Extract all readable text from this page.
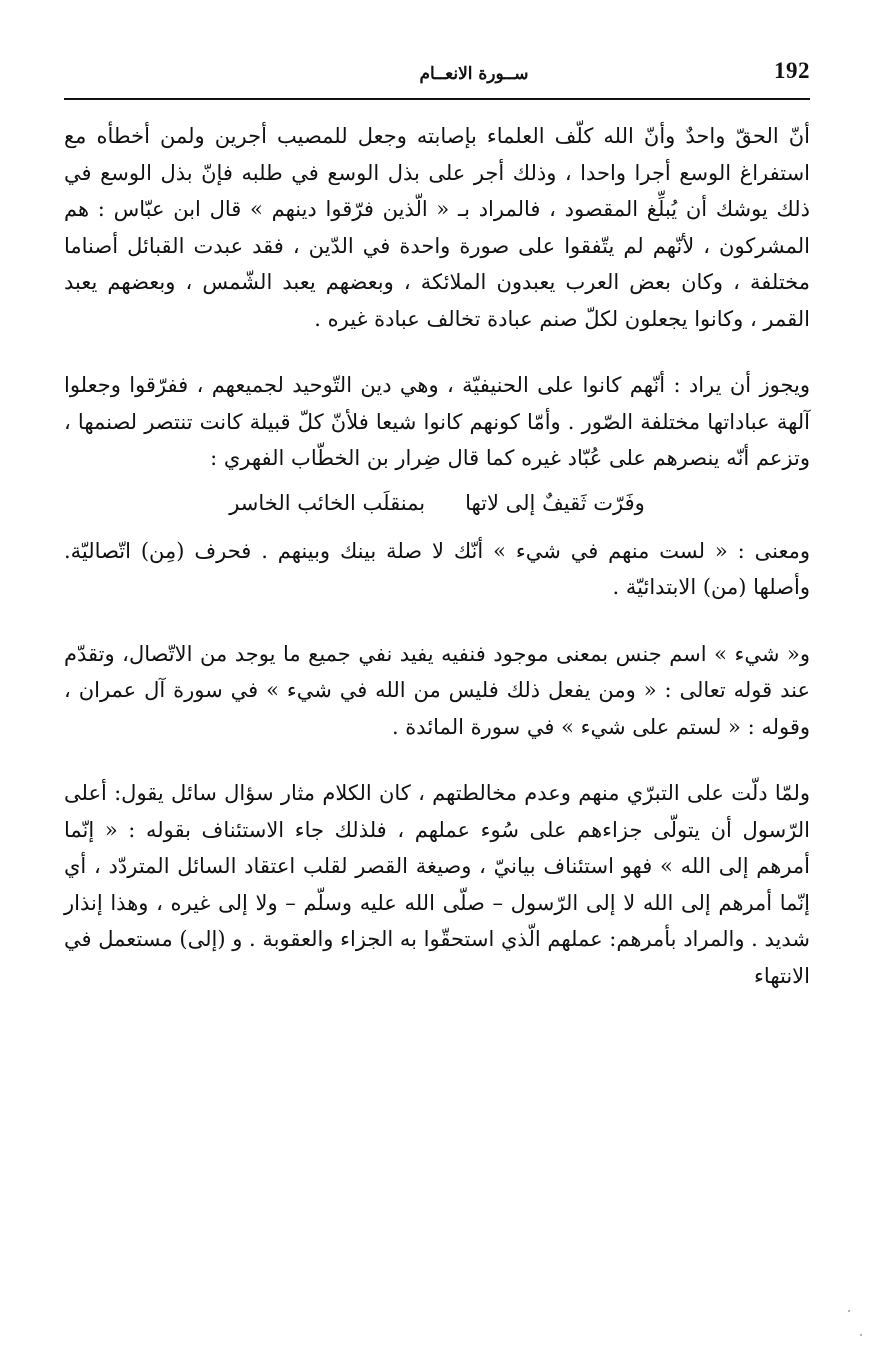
192
ســورة الانعــام

أنّ الحقّ واحدٌ وأنّ الله كلّف العلماء بإصابته وجعل للمصيب أجرين ولمن أخطأه مع استفراغ الوسع أجرا واحدا ، وذلك أجر على بذل الوسع في طلبه فإنّ بذل الوسع في ذلك يوشك أن يُبلِّغ المقصود ، فالمراد بـ « الّذين فرّقوا دينهم » قال ابن عبّاس : هم المشركون ، لأنّهم لم يتّفقوا على صورة واحدة في الدّين ، فقد عبدت القبائل أصناما مختلفة ، وكان بعض العرب يعبدون الملائكة ، وبعضهم يعبد الشّمس ، وبعضهم يعبد القمر ، وكانوا يجعلون لكلّ صنم عبادة تخالف عبادة غيره .

ويجوز أن يراد : أنّهم كانوا على الحنيفيّة ، وهي دين التّوحيد لجميعهم ، ففرّقوا وجعلوا آلهة عباداتها مختلفة الصّور . وأمّا كونهم كانوا شيعا فلأنّ كلّ قبيلة كانت تنتصر لصنمها ، وتزعم أنّه ينصرهم على عُبّاد غيره كما قال ضِرار بن الخطّاب الفهري :

وفَرّت ثَقيفٌ إلى لاتها
بمنقلَب الخائب الخاسر

ومعنى : « لست منهم في شيء » أنّك لا صلة بينك وبينهم . فحرف (مِن) اتّصاليّة. وأصلها (من) الابتدائيّة .

و« شيء » اسم جنس بمعنى موجود فنفيه يفيد نفي جميع ما يوجد من الاتّصال، وتقدّم عند قوله تعالى : « ومن يفعل ذلك فليس من الله في شيء » في سورة آل عمران ، وقوله : « لستم على شيء » في سورة المائدة .

ولمّا دلّت على التبرّي منهم وعدم مخالطتهم ، كان الكلام مثار سؤال سائل يقول: أعلى الرّسول أن يتولّى جزاءهم على سُوء عملهم ، فلذلك جاء الاستئناف بقوله : « إنّما أمرهم إلى الله » فهو استئناف بيانيّ ، وصيغة القصر لقلب اعتقاد السائل المتردّد ، أي إنّما أمرهم إلى الله لا إلى الرّسول – صلّى الله عليه وسلّم – ولا إلى غيره ، وهذا إنذار شديد . والمراد بأمرهم: عملهم الّذي استحقّوا به الجزاء والعقوبة . و (إلى) مستعمل في الانتهاء
